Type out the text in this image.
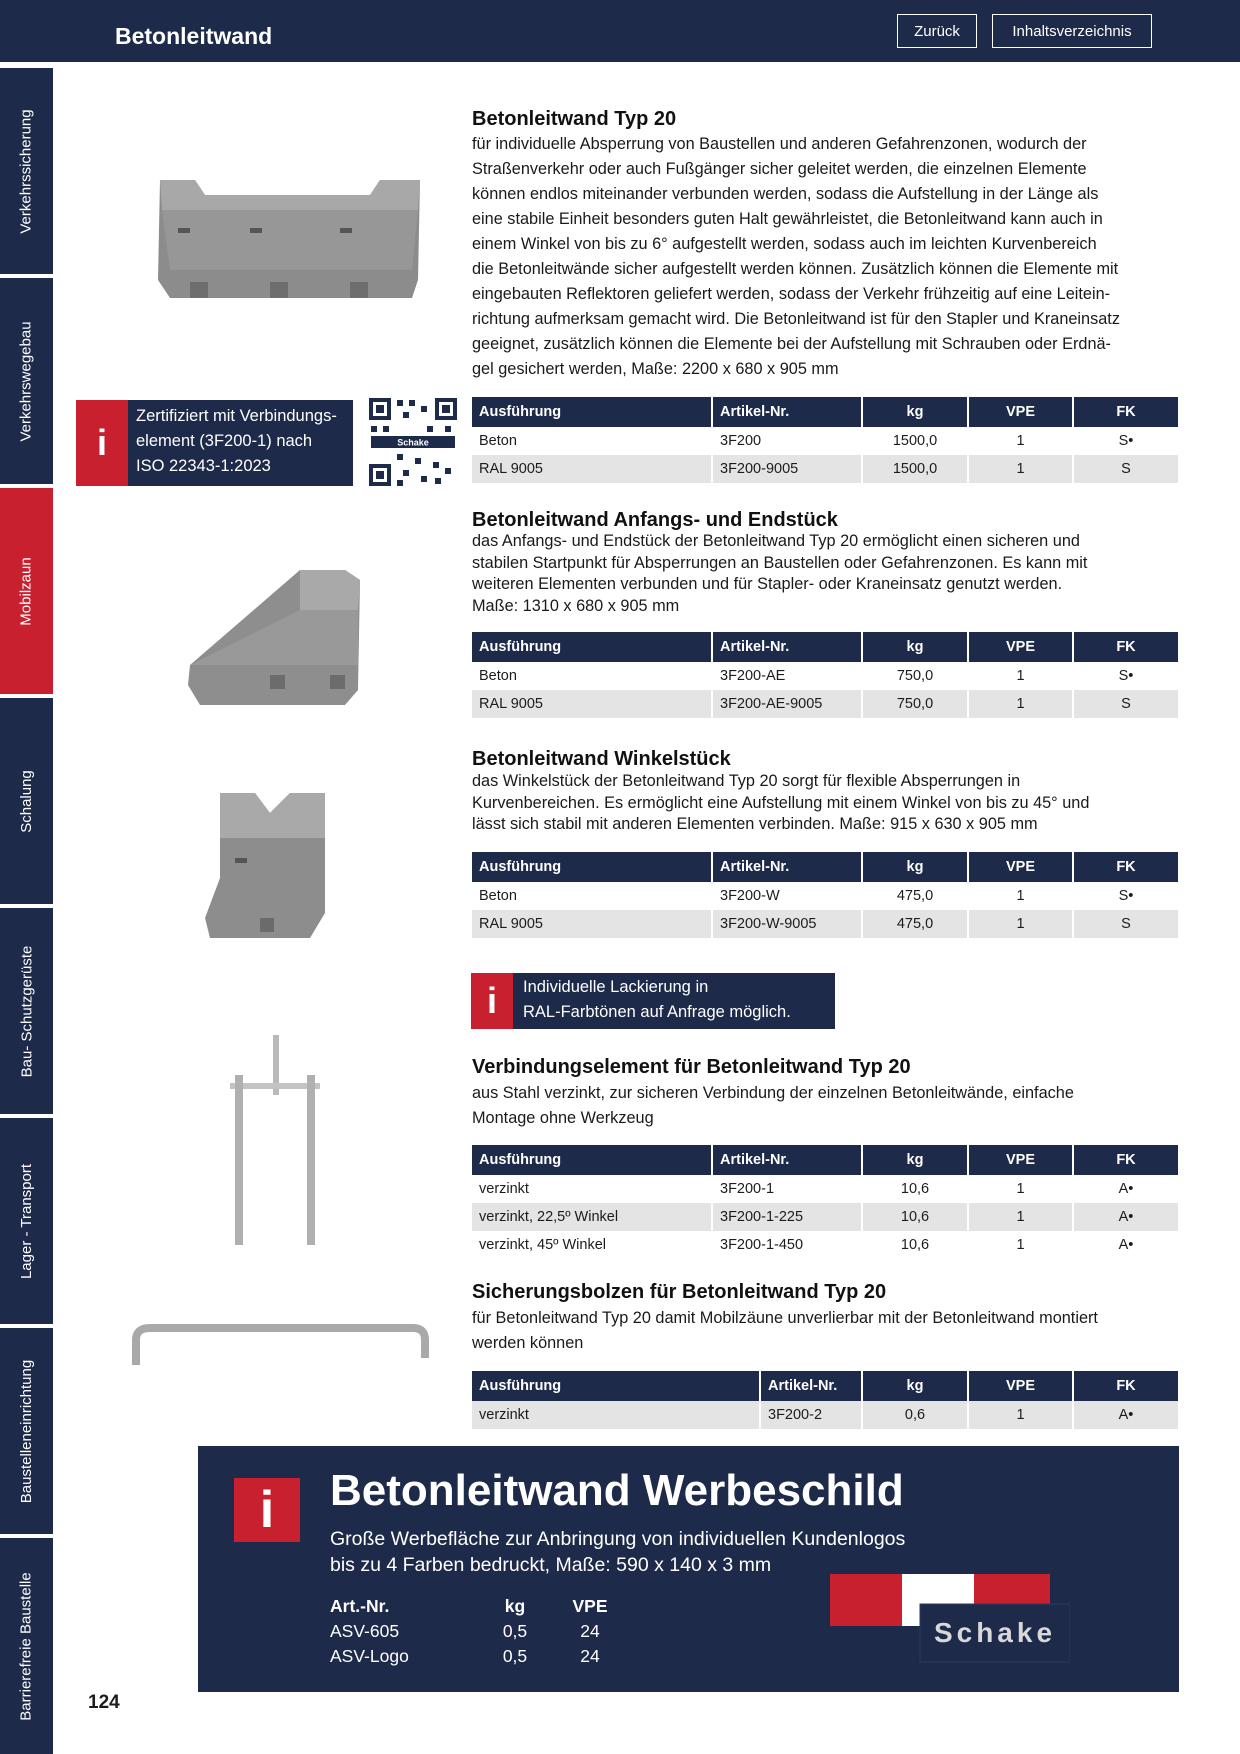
Betonleitwand	Zurück	Inhaltsverzeichnis
Verkehrssicherung
Verkehrswegebau
Mobilzaun
Schalung
Bau- Schutzgerüste
Lager - Transport
Baustelleneinrichtung
Barrierefreie Baustelle
Betonleitwand Typ 20
für individuelle Absperrung von Baustellen und anderen Gefahrenzonen, wodurch der
Straßenverkehr oder auch Fußgänger sicher geleitet werden, die einzelnen Elemente
können endlos miteinander verbunden werden, sodass die Aufstellung in der Länge als
eine stabile Einheit besonders guten Halt gewährleistet, die Betonleitwand kann auch in
einem Winkel von bis zu 6° aufgestellt werden, sodass auch im leichten Kurvenbereich
die Betonleitwände sicher aufgestellt werden können. Zusätzlich können die Elemente mit
eingebauten Reflektoren geliefert werden, sodass der Verkehr frühzeitig auf eine Leitein-
richtung aufmerksam gemacht wird. Die Betonleitwand ist für den Stapler und Kraneinsatz
geeignet, zusätzlich können die Elemente bei der Aufstellung mit Schrauben oder Erdnä-
gel gesichert werden, Maße: 2200 x 680 x 905 mm
Ausführung	Artikel-Nr.	kg	VPE	FK
Beton	3F200	1500,0	1	S•
RAL 9005	3F200-9005	1500,0	1	S
i
Zertifiziert mit Verbindungs-
element (3F200-1) nach
ISO 22343-1:2023
Schake
Betonleitwand Anfangs- und Endstück
das Anfangs- und Endstück der Betonleitwand Typ 20 ermöglicht einen sicheren und
stabilen Startpunkt für Absperrungen an Baustellen oder Gefahrenzonen. Es kann mit
weiteren Elementen verbunden und für Stapler- oder Kraneinsatz genutzt werden.
Maße: 1310 x 680 x 905 mm
Ausführung	Artikel-Nr.	kg	VPE	FK
Beton	3F200-AE	750,0	1	S•
RAL 9005	3F200-AE-9005	750,0	1	S
Betonleitwand Winkelstück
das Winkelstück der Betonleitwand Typ 20 sorgt für flexible Absperrungen in
Kurvenbereichen. Es ermöglicht eine Aufstellung mit einem Winkel von bis zu 45° und
lässt sich stabil mit anderen Elementen verbinden. Maße: 915 x 630 x 905 mm
Ausführung	Artikel-Nr.	kg	VPE	FK
Beton	3F200-W	475,0	1	S•
RAL 9005	3F200-W-9005	475,0	1	S
i	Individuelle Lackierung in
RAL-Farbtönen auf Anfrage möglich.
Verbindungselement für Betonleitwand Typ 20
aus Stahl verzinkt, zur sicheren Verbindung der einzelnen Betonleitwände, einfache
Montage ohne Werkzeug
Ausführung	Artikel-Nr.	kg	VPE	FK
verzinkt	3F200-1	10,6	1	A•
verzinkt, 22,5º Winkel	3F200-1-225	10,6	1	A•
verzinkt, 45º Winkel	3F200-1-450	10,6	1	A•
Sicherungsbolzen für Betonleitwand Typ 20
für Betonleitwand Typ 20 damit Mobilzäune unverlierbar mit der Betonleitwand montiert
werden können
Ausführung	Artikel-Nr.	kg	VPE	FK
verzinkt	3F200-2	0,6	1	A•
i	Betonleitwand Werbeschild
Große Werbefläche zur Anbringung von individuellen Kundenlogos
bis zu 4 Farben bedruckt, Maße: 590 x 140 x 3 mm
Art.-Nr.	kg	VPE
ASV-605	0,5	24
ASV-Logo	0,5	24
Schake
124
